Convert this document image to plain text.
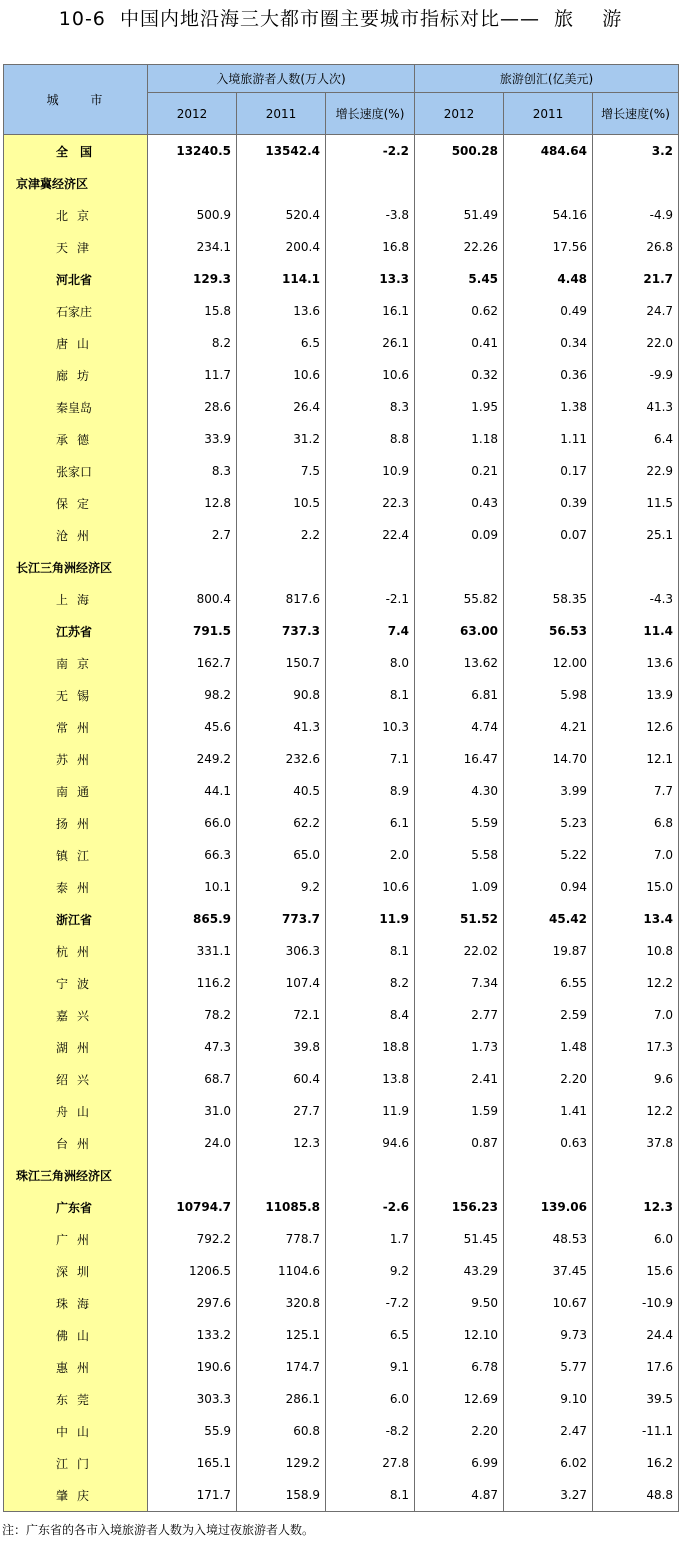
10-6  中国内地沿海三大都市圈主要城市指标对比——  旅    游
城 市	入境旅游者人数(万人次)			旅游创汇(亿美元)		
	2012	2011	增长速度(%)	2012	2011	增长速度(%)
全国	13240.5	13542.4	-2.2	500.28	484.64	3.2
京津冀经济区						
北京	500.9	520.4	-3.8	51.49	54.16	-4.9
天津	234.1	200.4	16.8	22.26	17.56	26.8
河北省	129.3	114.1	13.3	5.45	4.48	21.7
石家庄	15.8	13.6	16.1	0.62	0.49	24.7
唐山	8.2	6.5	26.1	0.41	0.34	22.0
廊坊	11.7	10.6	10.6	0.32	0.36	-9.9
秦皇岛	28.6	26.4	8.3	1.95	1.38	41.3
承德	33.9	31.2	8.8	1.18	1.11	6.4
张家口	8.3	7.5	10.9	0.21	0.17	22.9
保定	12.8	10.5	22.3	0.43	0.39	11.5
沧州	2.7	2.2	22.4	0.09	0.07	25.1
长江三角洲经济区						
上海	800.4	817.6	-2.1	55.82	58.35	-4.3
江苏省	791.5	737.3	7.4	63.00	56.53	11.4
南京	162.7	150.7	8.0	13.62	12.00	13.6
无锡	98.2	90.8	8.1	6.81	5.98	13.9
常州	45.6	41.3	10.3	4.74	4.21	12.6
苏州	249.2	232.6	7.1	16.47	14.70	12.1
南通	44.1	40.5	8.9	4.30	3.99	7.7
扬州	66.0	62.2	6.1	5.59	5.23	6.8
镇江	66.3	65.0	2.0	5.58	5.22	7.0
泰州	10.1	9.2	10.6	1.09	0.94	15.0
浙江省	865.9	773.7	11.9	51.52	45.42	13.4
杭州	331.1	306.3	8.1	22.02	19.87	10.8
宁波	116.2	107.4	8.2	7.34	6.55	12.2
嘉兴	78.2	72.1	8.4	2.77	2.59	7.0
湖州	47.3	39.8	18.8	1.73	1.48	17.3
绍兴	68.7	60.4	13.8	2.41	2.20	9.6
舟山	31.0	27.7	11.9	1.59	1.41	12.2
台州	24.0	12.3	94.6	0.87	0.63	37.8
珠江三角洲经济区						
广东省	10794.7	11085.8	-2.6	156.23	139.06	12.3
广州	792.2	778.7	1.7	51.45	48.53	6.0
深圳	1206.5	1104.6	9.2	43.29	37.45	15.6
珠海	297.6	320.8	-7.2	9.50	10.67	-10.9
佛山	133.2	125.1	6.5	12.10	9.73	24.4
惠州	190.6	174.7	9.1	6.78	5.77	17.6
东莞	303.3	286.1	6.0	12.69	9.10	39.5
中山	55.9	60.8	-8.2	2.20	2.47	-11.1
江门	165.1	129.2	27.8	6.99	6.02	16.2
肇庆	171.7	158.9	8.1	4.87	3.27	48.8
注：广东省的各市入境旅游者人数为入境过夜旅游者人数。
